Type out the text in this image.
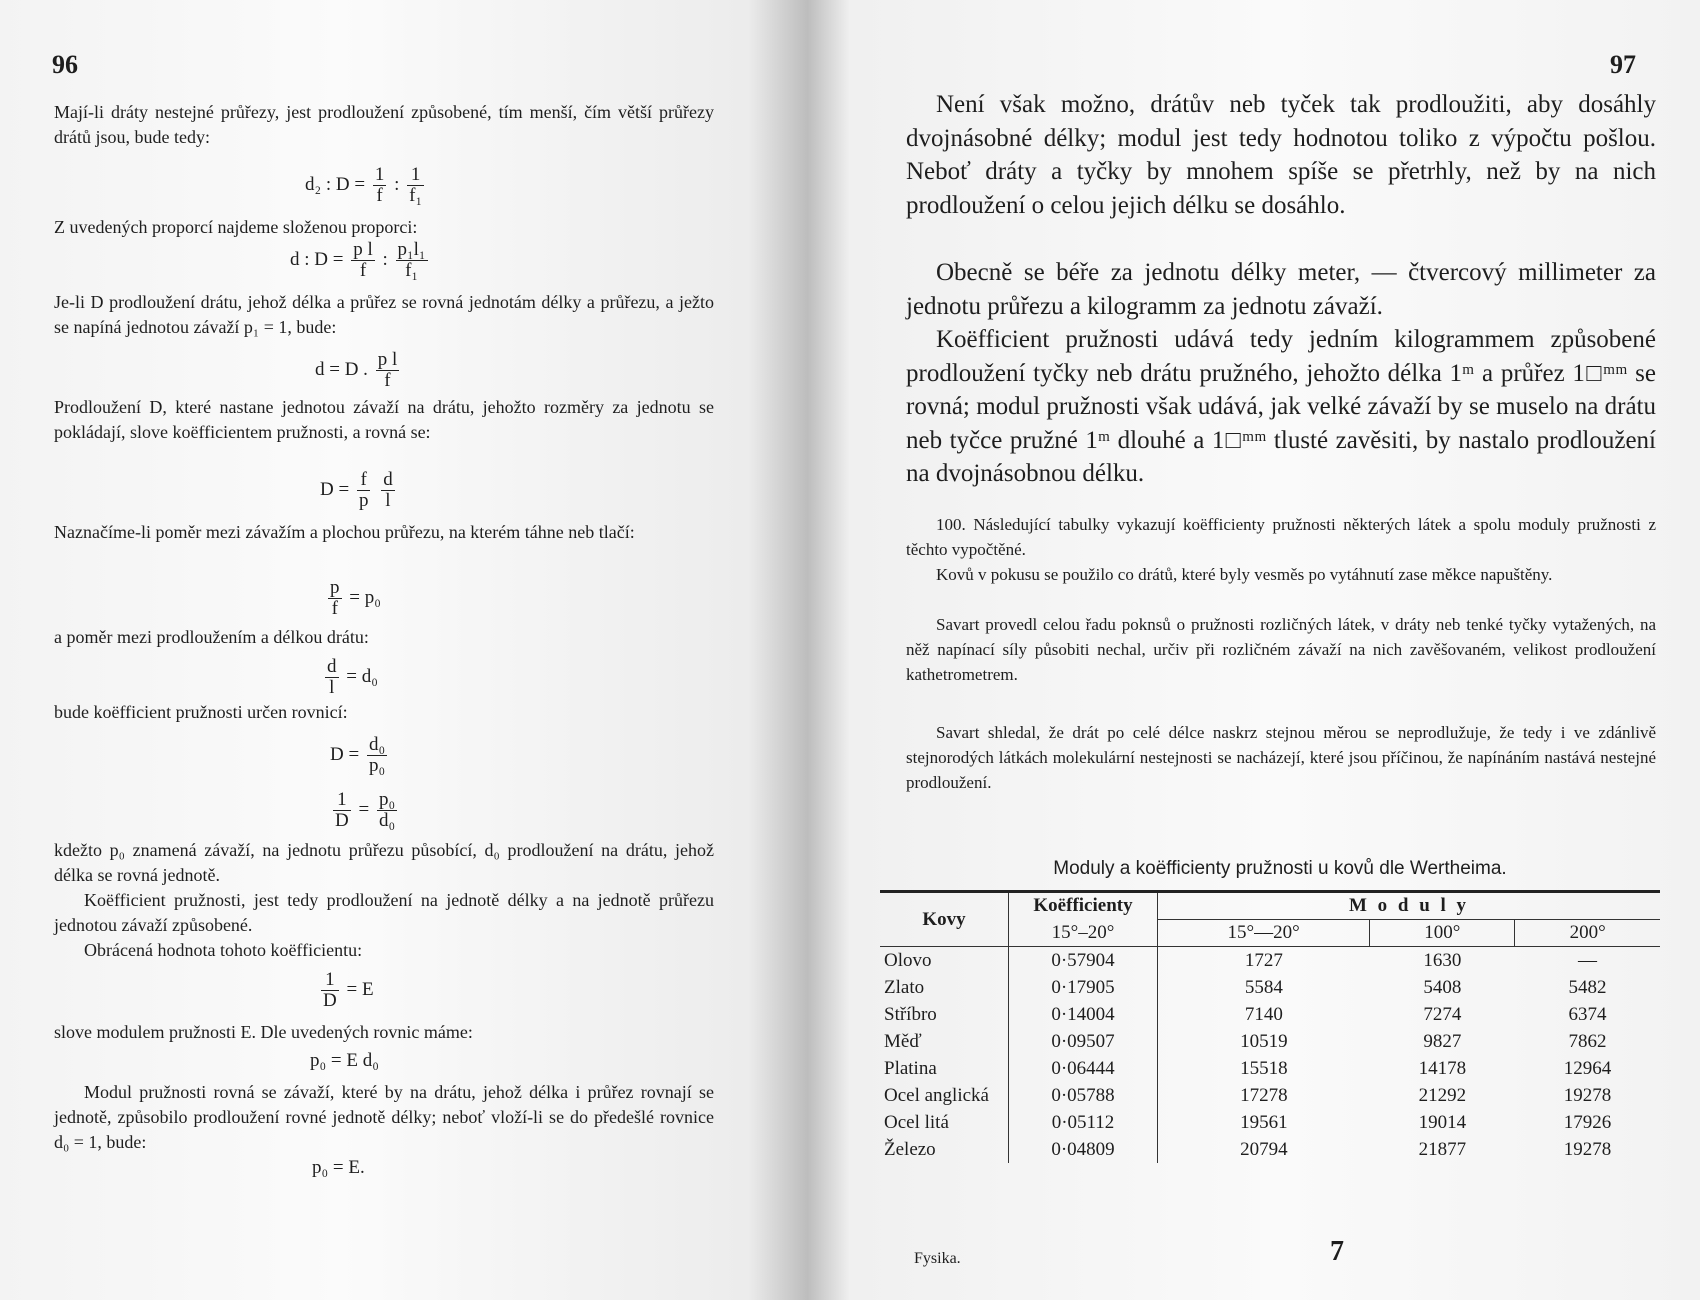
96

Mají-li dráty nestejné průřezy, jest prodloužení způsobené, tím menší, čím větší průřezy drátů jsou, bude tedy:

d₂ : $D = \frac{1}{f}$ : $\frac{1}{\text{f₁}}$

Z uvedených proporcí najdeme složenou proporci:

d : $D = \frac{\text{p l}}{f}$ : $\frac{\text{p₁l₁}}{\text{f₁}}$

Je-li D prodloužení drátu, jehož délka a průřez se rovná jednotám délky a průřezu, a ježto se napíná jednotou závaží p₁ = 1, bude:

d = D . $\frac{\text{p l}}{f}$

Prodloužení D, které nastane jednotou závaží na drátu, jehožto rozměry za jednotu se pokládají, slove koëfficientem pružnosti, a rovná se:

$D = \frac{f}{p}$
$\frac{d}{l}$

Naznačíme-li poměr mezi závažím a plochou průřezu, na kterém táhne neb tlačí:

$\frac{p}{f} = p_0$

a poměr mezi prodloužením a délkou drátu:

$\frac{d}{l} = d_0$

bude koëfficient pružnosti určen rovnicí:

$D = \frac{\text{d₀}}{\text{p₀}}$
$\frac{1}{D} = \frac{\text{p₀}}{\text{d₀}}$

kdežto p₀ znamená závaží, na jednotu průřezu působící, d₀ prodloužení na drátu, jehož délka se rovná jednotě.

Koëfficient pružnosti, jest tedy prodloužení na jednotě délky a na jednotě průřezu jednotou závaží způsobené.

Obrácená hodnota tohoto koëfficientu:

$\frac{1}{D} = E$

slove modulem pružnosti E. Dle uvedených rovnic máme:

p₀ = E d₀

Modul pružnosti rovná se závaží, které by na drátu, jehož délka i průřez rovnají se jednotě, způsobilo prodloužení rovné jednotě délky; neboť vloží-li se do předešlé rovnice d₀ = 1, bude:

p₀ = E.
97

Není však možno, drátův neb tyček tak prodloužiti, aby dosáhly dvojnásobné délky; modul jest tedy hodnotou toliko z výpočtu pošlou. Neboť dráty a tyčky by mnohem spíše se přetrhly, než by na nich prodloužení o celou jejich délku se dosáhlo.

Obecně se béře za jednotu délky meter, — čtvercový millimeter za jednotu průřezu a kilogramm za jednotu závaží.

Koëfficient pružnosti udává tedy jedním kilogrammem způsobené prodloužení tyčky neb drátu pružného, jehožto délka 1ᵐ a průřez 1□ᵐᵐ se rovná; modul pružnosti však udává, jak velké závaží by se muselo na drátu neb tyčce pružné 1ᵐ dlouhé a 1□ᵐᵐ tlusté zavěsiti, by nastalo prodloužení na dvojnásobnou délku.

100. Následující tabulky vykazují koëfficienty pružnosti některých látek a spolu moduly pružnosti z těchto vypočtěné.

Kovů v pokusu se použilo co drátů, které byly vesměs po vytáhnutí zase měkce napuštěny.

Savart provedl celou řadu poknsů o pružnosti rozličných látek, v dráty neb tenké tyčky vytažených, na něž napínací síly působiti nechal, určiv při rozličném závaží na nich zavěšovaném, velikost prodloužení kathetrometrem.

Savart shledal, že drát po celé délce naskrz stejnou měrou se neprodlužuje, že tedy i ve zdánlivě stejnorodých látkách molekulární nestejnosti se nacházejí, které jsou příčinou, že napínáním nastává nestejné prodloužení.

Moduly a koëfficienty pružnosti u kovů dle Wertheima.
Kovy	Koëfficienty	M o d u l y		
	15°–20°	15°—20°	100°	200°
Olovo	0·57904	1727	1630	—
Zlato	0·17905	5584	5408	5482
Stříbro	0·14004	7140	7274	6374
Měď	0·09507	10519	9827	7862
Platina	0·06444	15518	14178	12964
Ocel anglická	0·05788	17278	21292	19278
Ocel litá	0·05112	19561	19014	17926
Železo	0·04809	20794	21877	19278
Fysika.	7
